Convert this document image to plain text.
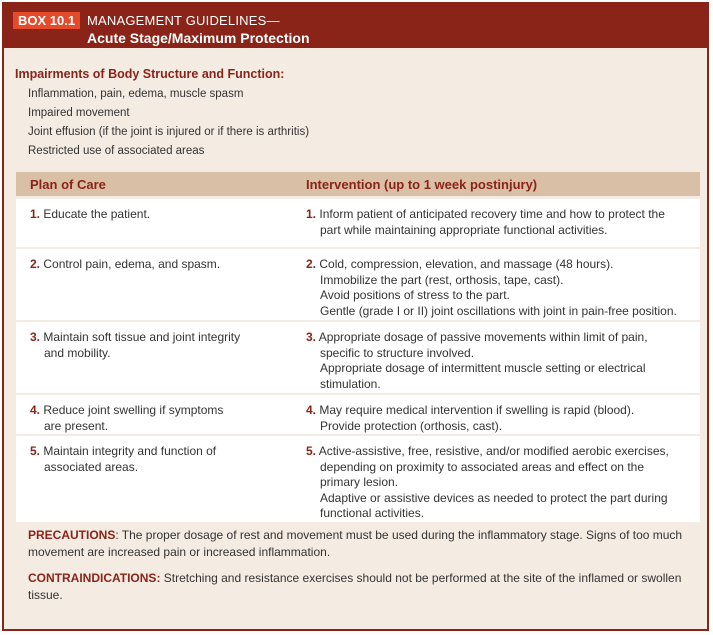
BOX 10.1 MANAGEMENT GUIDELINES—
Acute Stage/Maximum Protection
Impairments of Body Structure and Function:
Inflammation, pain, edema, muscle spasm
Impaired movement
Joint effusion (if the joint is injured or if there is arthritis)
Restricted use of associated areas
Plan of Care	Intervention (up to 1 week postinjury)
1. Educate the patient.	1. Inform patient of anticipated recovery time and how to protect the
part while maintaining appropriate functional activities.
2. Control pain, edema, and spasm.	2. Cold, compression, elevation, and massage (48 hours).
Immobilize the part (rest, orthosis, tape, cast).
Avoid positions of stress to the part.
Gentle (grade I or II) joint oscillations with joint in pain-free position.
3. Maintain soft tissue and joint integrity
and mobility.
3. Appropriate dosage of passive movements within limit of pain,
specific to structure involved.
Appropriate dosage of intermittent muscle setting or electrical
stimulation.
4. Reduce joint swelling if symptoms
are present.
4. May require medical intervention if swelling is rapid (blood).
Provide protection (orthosis, cast).
5. Maintain integrity and function of
associated areas.
5. Active-assistive, free, resistive, and/or modified aerobic exercises,
depending on proximity to associated areas and effect on the
primary lesion.
Adaptive or assistive devices as needed to protect the part during
functional activities.
PRECAUTIONS: The proper dosage of rest and movement must be used during the inflammatory stage. Signs of too much movement are increased pain or increased inflammation.
CONTRAINDICATIONS: Stretching and resistance exercises should not be performed at the site of the inflamed or swollen tissue.
